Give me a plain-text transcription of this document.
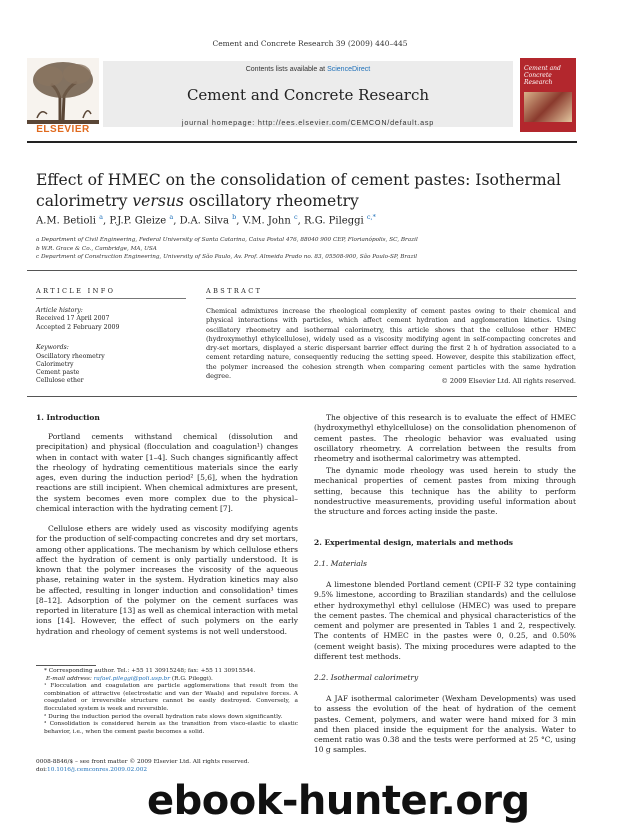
Cement and Concrete Research 39 (2009) 440–445
ELSEVIER
Contents lists available at ScienceDirect
Cement and Concrete Research
journal homepage: http://ees.elsevier.com/CEMCON/default.asp
Cement and Concrete Research
Effect of HMEC on the consolidation of cement pastes: Isothermal calorimetry versus oscillatory rheometry
A.M. Betioli $^a$, P.J.P. Gleize $^a$, D.A. Silva $^b$, V.M. John $^c$, R.G. Pileggi $^{c,*}$
a Department of Civil Engineering, Federal University of Santa Catarina, Caixa Postal 476, 88040 900 CEP, Florianópolis, SC, Brazil
b W.R. Grace & Co., Cambridge, MA, USA
c Department of Construction Engineering, University of São Paulo, Av. Prof. Almeida Prado no. 83, 05508-900, São Paulo-SP, Brazil
ARTICLE INFO
Article history:
Received 17 April 2007
Accepted 2 February 2009
Keywords:
Oscillatory rheometry
Calorimetry
Cement paste
Cellulose ether
ABSTRACT
Chemical admixtures increase the rheological complexity of cement pastes owing to their chemical and physical interactions with particles, which affect cement hydration and agglomeration kinetics. Using oscillatory rheometry and isothermal calorimetry, this article shows that the cellulose ether HMEC (hydroxymethyl ethylcellulose), widely used as a viscosity modifying agent in self-compacting concretes and dry-set mortars, displayed a steric dispersant barrier effect during the first 2 h of hydration associated to a cement retarding nature, consequently reducing the setting speed. However, despite this stabilization effect, the polymer increased the cohesion strength when comparing cement particles with the same hydration degree.
© 2009 Elsevier Ltd. All rights reserved.
1. Introduction
Portland cements withstand chemical (dissolution and precipitation) and physical (flocculation and coagulation¹) changes when in contact with water [1–4]. Such changes significantly affect the rheology of hydrating cementitious materials since the early ages, even during the induction period² [5,6], when the hydration reactions are still incipient. When chemical admixtures are present, the system becomes even more complex due to the physical–chemical interaction with the hydrating cement [7].
Cellulose ethers are widely used as viscosity modifying agents for the production of self-compacting concretes and dry set mortars, among other applications. The mechanism by which cellulose ethers affect the hydration of cement is only partially understood. It is known that the polymer increases the viscosity of the aqueous phase, retaining water in the system. Hydration kinetics may also be affected, resulting in longer induction and consolidation³ times [8–12]. Adsorption of the polymer on the cement surfaces was reported in literature [13] as well as chemical interaction with metal ions [14]. However, the effect of such polymers on the early hydration and rheology of cement systems is not well understood.
* Corresponding author. Tel.: +55 11 30915248; fax: +55 11 30915544.
E-mail address: rafael.pileggi@poli.usp.br (R.G. Pileggi).
¹ Flocculation and coagulation are particle agglomerations that result from the combination of attractive (electrostatic and van der Waals) and repulsive forces. A coagulated or irreversible structure cannot be easily destroyed. Conversely, a flocculated system is week and reversible.
² During the induction period the overall hydration rate slows down significantly.
³ Consolidation is considered herein as the transition from visco-elastic to elastic behavior, i.e., when the cement paste becomes a solid.
0008-8846/$ – see front matter © 2009 Elsevier Ltd. All rights reserved.
doi:10.1016/j.cemconres.2009.02.002
The objective of this research is to evaluate the effect of HMEC (hydroxymethyl ethylcellulose) on the consolidation phenomenon of cement pastes. The rheologic behavior was evaluated using oscillatory rheometry. A correlation between the results from rheometry and isothermal calorimetry was attempted.
The dynamic mode rheology was used herein to study the mechanical properties of cement pastes from mixing through setting, because this technique has the ability to perform nondestructive measurements, providing useful information about the structure and forces acting inside the paste.
2. Experimental design, materials and methods
2.1. Materials
A limestone blended Portland cement (CPII-F 32 type containing 9.5% limestone, according to Brazilian standards) and the cellulose ether hydroxymethyl ethyl cellulose (HMEC) was used to prepare the cement pastes. The chemical and physical characteristics of the cement and polymer are presented in Tables 1 and 2, respectively. The contents of HMEC in the pastes were 0, 0.25, and 0.50% (cement weight basis). The mixing procedures were adapted to the different test methods.
2.2. Isothermal calorimetry
A JAF isothermal calorimeter (Wexham Developments) was used to assess the evolution of the heat of hydration of the cement pastes. Cement, polymers, and water were hand mixed for 3 min and then placed inside the equipment for the analysis. Water to cement ratio was 0.38 and the tests were performed at 25 °C, using 10 g samples.
ebook-hunter.org
